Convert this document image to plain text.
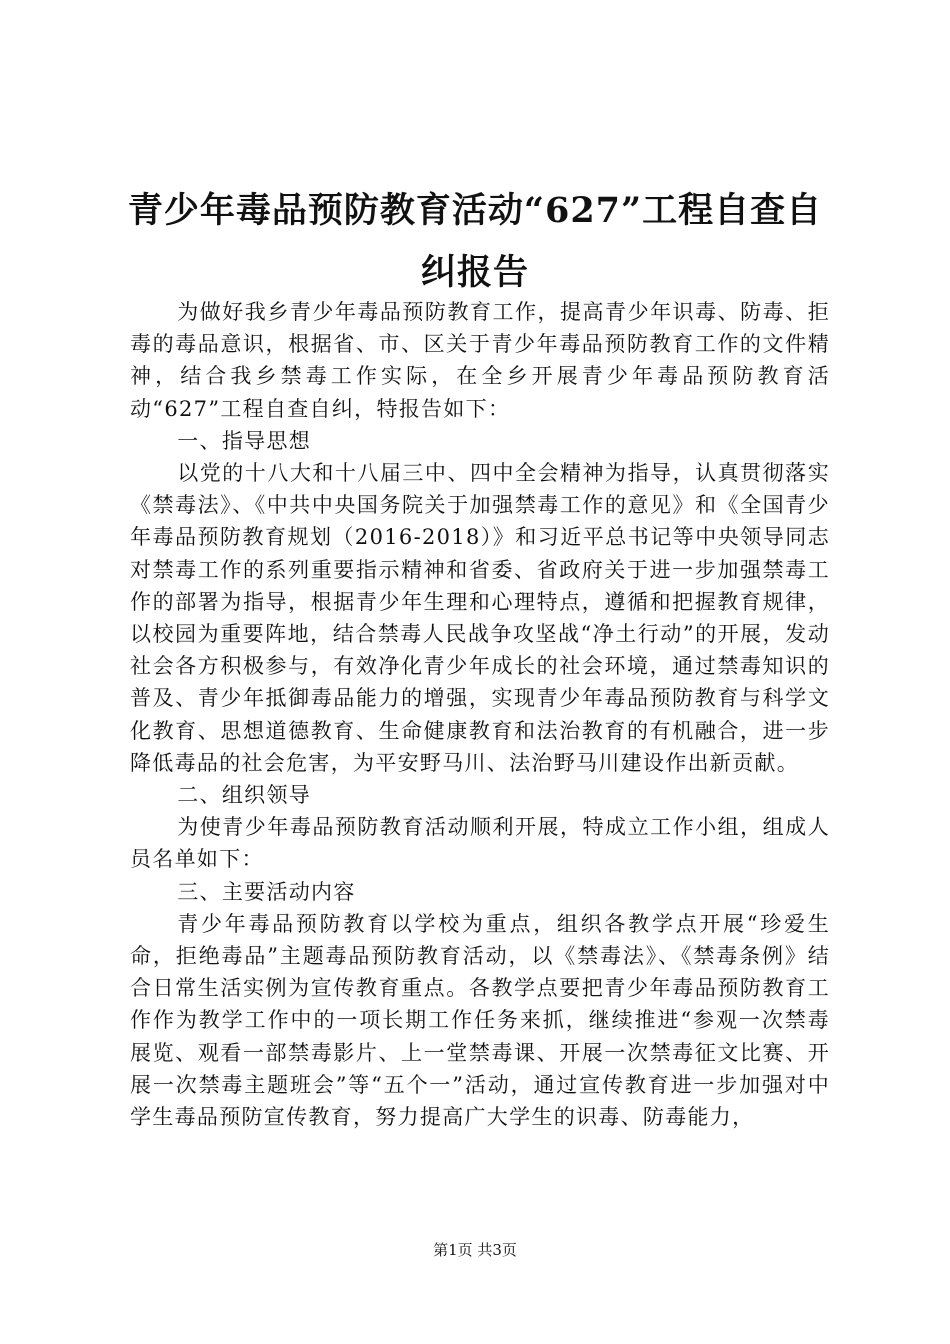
青少年毒品预防教育活动“627”工程自查自纠报告

为做好我乡青少年毒品预防教育工作，提高青少年识毒、防毒、拒毒的毒品意识，根据省、市、区关于青少年毒品预防教育工作的文件精神，结合我乡禁毒工作实际，在全乡开展青少年毒品预防教育活动“627”工程自查自纠，特报告如下：

一、指导思想

以党的十八大和十八届三中、四中全会精神为指导，认真贯彻落实《禁毒法》、《中共中央国务院关于加强禁毒工作的意见》和《全国青少年毒品预防教育规划（2016-2018）》和习近平总书记等中央领导同志对禁毒工作的系列重要指示精神和省委、省政府关于进一步加强禁毒工作的部署为指导，根据青少年生理和心理特点，遵循和把握教育规律，以校园为重要阵地，结合禁毒人民战争攻坚战“净土行动”的开展，发动社会各方积极参与，有效净化青少年成长的社会环境，通过禁毒知识的普及、青少年抵御毒品能力的增强，实现青少年毒品预防教育与科学文化教育、思想道德教育、生命健康教育和法治教育的有机融合，进一步降低毒品的社会危害，为平安野马川、法治野马川建设作出新贡献。

二、组织领导

为使青少年毒品预防教育活动顺利开展，特成立工作小组，组成人员名单如下：

三、主要活动内容

青少年毒品预防教育以学校为重点，组织各教学点开展“珍爱生命，拒绝毒品”主题毒品预防教育活动，以《禁毒法》、《禁毒条例》结合日常生活实例为宣传教育重点。各教学点要把青少年毒品预防教育工作作为教学工作中的一项长期工作任务来抓，继续推进“参观一次禁毒展览、观看一部禁毒影片、上一堂禁毒课、开展一次禁毒征文比赛、开展一次禁毒主题班会”等“五个一”活动，通过宣传教育进一步加强对中学生毒品预防宣传教育，努力提高广大学生的识毒、防毒能力，

第1页 共3页
